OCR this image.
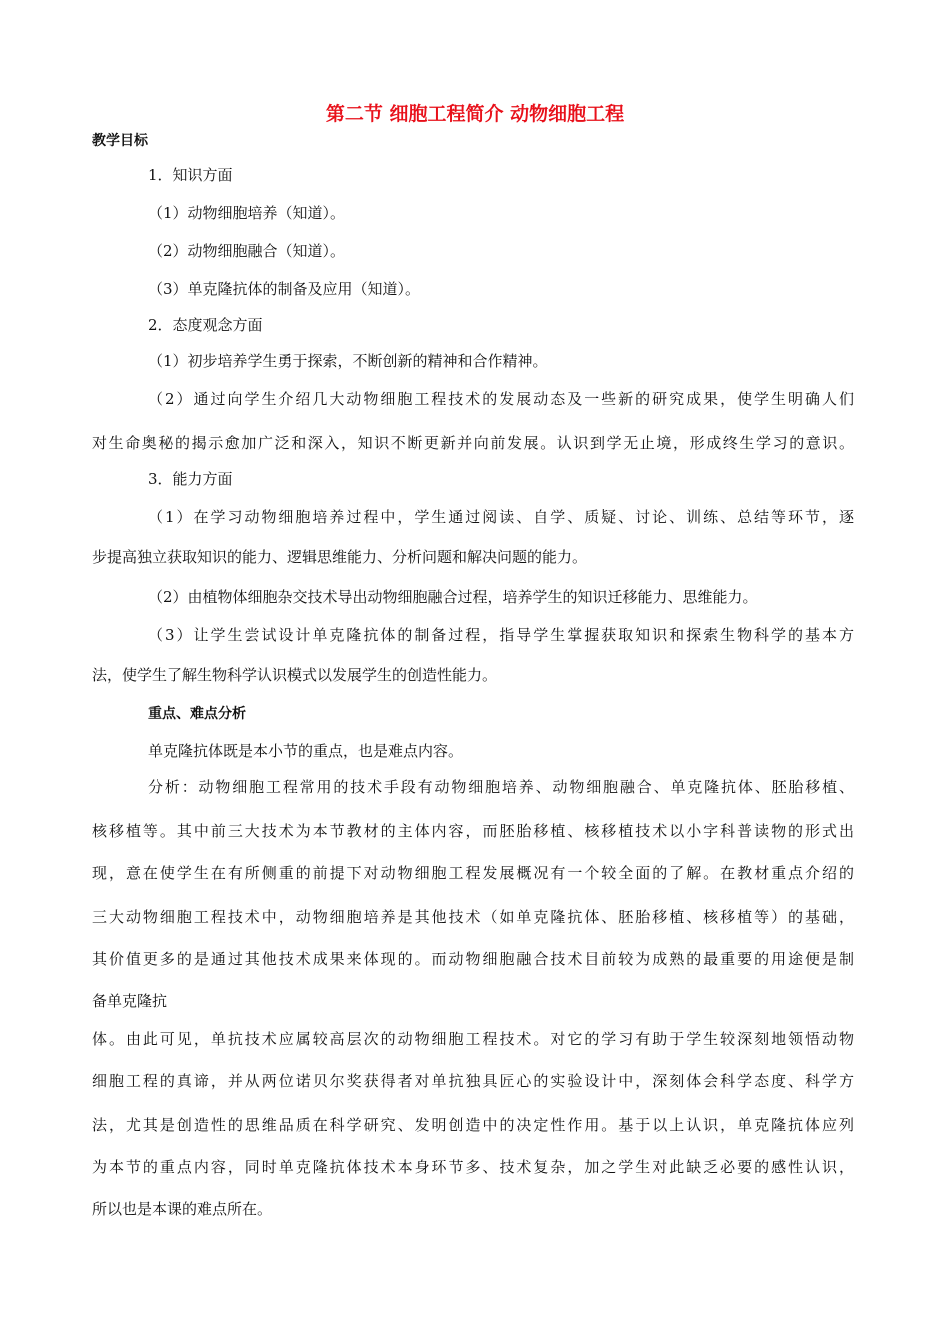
第二节 细胞工程简介 动物细胞工程
教学目标
1．知识方面
（1）动物细胞培养（知道）。
（2）动物细胞融合（知道）。
（3）单克隆抗体的制备及应用（知道）。
2．态度观念方面
（1）初步培养学生勇于探索，不断创新的精神和合作精神。
（2）通过向学生介绍几大动物细胞工程技术的发展动态及一些新的研究成果，使学生明确人们
对生命奥秘的揭示愈加广泛和深入，知识不断更新并向前发展。认识到学无止境，形成终生学习的意识。
3．能力方面
（1）在学习动物细胞培养过程中，学生通过阅读、自学、质疑、讨论、训练、总结等环节，逐
步提高独立获取知识的能力、逻辑思维能力、分析问题和解决问题的能力。
（2）由植物体细胞杂交技术导出动物细胞融合过程，培养学生的知识迁移能力、思维能力。
（3）让学生尝试设计单克隆抗体的制备过程，指导学生掌握获取知识和探索生物科学的基本方
法，使学生了解生物科学认识模式以发展学生的创造性能力。
重点、难点分析
单克隆抗体既是本小节的重点，也是难点内容。
分析：动物细胞工程常用的技术手段有动物细胞培养、动物细胞融合、单克隆抗体、胚胎移植、
核移植等。其中前三大技术为本节教材的主体内容，而胚胎移植、核移植技术以小字科普读物的形式出
现，意在使学生在有所侧重的前提下对动物细胞工程发展概况有一个较全面的了解。在教材重点介绍的
三大动物细胞工程技术中，动物细胞培养是其他技术（如单克隆抗体、胚胎移植、核移植等）的基础，
其价值更多的是通过其他技术成果来体现的。而动物细胞融合技术目前较为成熟的最重要的用途便是制
备单克隆抗
体。由此可见，单抗技术应属较高层次的动物细胞工程技术。对它的学习有助于学生较深刻地领悟动物
细胞工程的真谛，并从两位诺贝尔奖获得者对单抗独具匠心的实验设计中，深刻体会科学态度、科学方
法，尤其是创造性的思维品质在科学研究、发明创造中的决定性作用。基于以上认识，单克隆抗体应列
为本节的重点内容，同时单克隆抗体技术本身环节多、技术复杂，加之学生对此缺乏必要的感性认识，
所以也是本课的难点所在。
